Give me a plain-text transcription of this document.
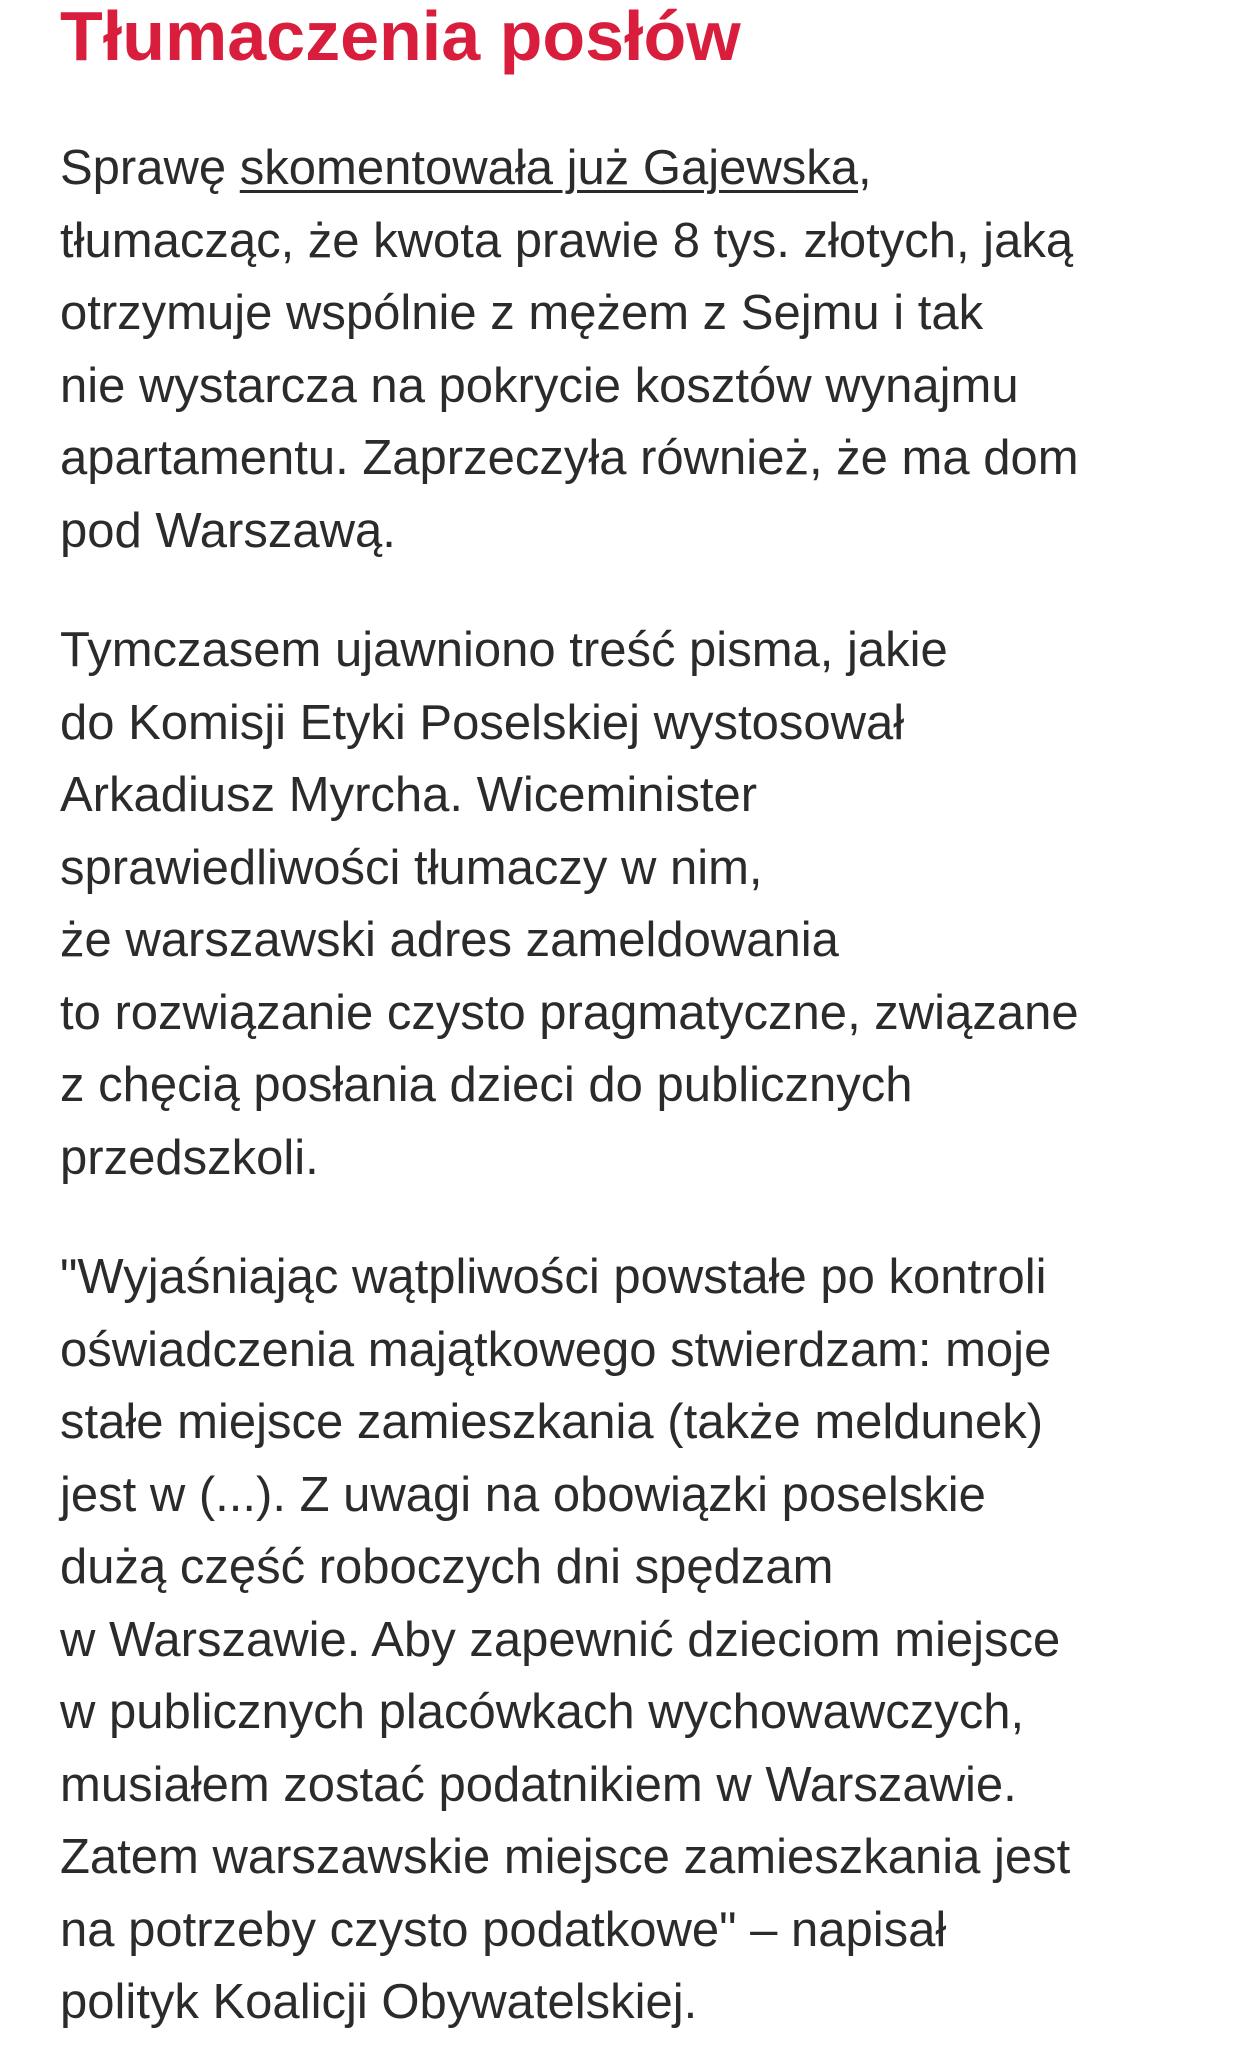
Tłumaczenia posłów

Sprawę skomentowała już Gajewska,
tłumacząc, że kwota prawie 8 tys. złotych, jaką
otrzymuje wspólnie z mężem z Sejmu i tak
nie wystarcza na pokrycie kosztów wynajmu
apartamentu. Zaprzeczyła również, że ma dom
pod Warszawą.

Tymczasem ujawniono treść pisma, jakie
do Komisji Etyki Poselskiej wystosował
Arkadiusz Myrcha. Wiceminister
sprawiedliwości tłumaczy w nim,
że warszawski adres zameldowania
to rozwiązanie czysto pragmatyczne, związane
z chęcią posłania dzieci do publicznych
przedszkoli.

"Wyjaśniając wątpliwości powstałe po kontroli
oświadczenia majątkowego stwierdzam: moje
stałe miejsce zamieszkania (także meldunek)
jest w (...). Z uwagi na obowiązki poselskie
dużą część roboczych dni spędzam
w Warszawie. Aby zapewnić dzieciom miejsce
w publicznych placówkach wychowawczych,
musiałem zostać podatnikiem w Warszawie.
Zatem warszawskie miejsce zamieszkania jest
na potrzeby czysto podatkowe" – napisał
polityk Koalicji Obywatelskiej.
